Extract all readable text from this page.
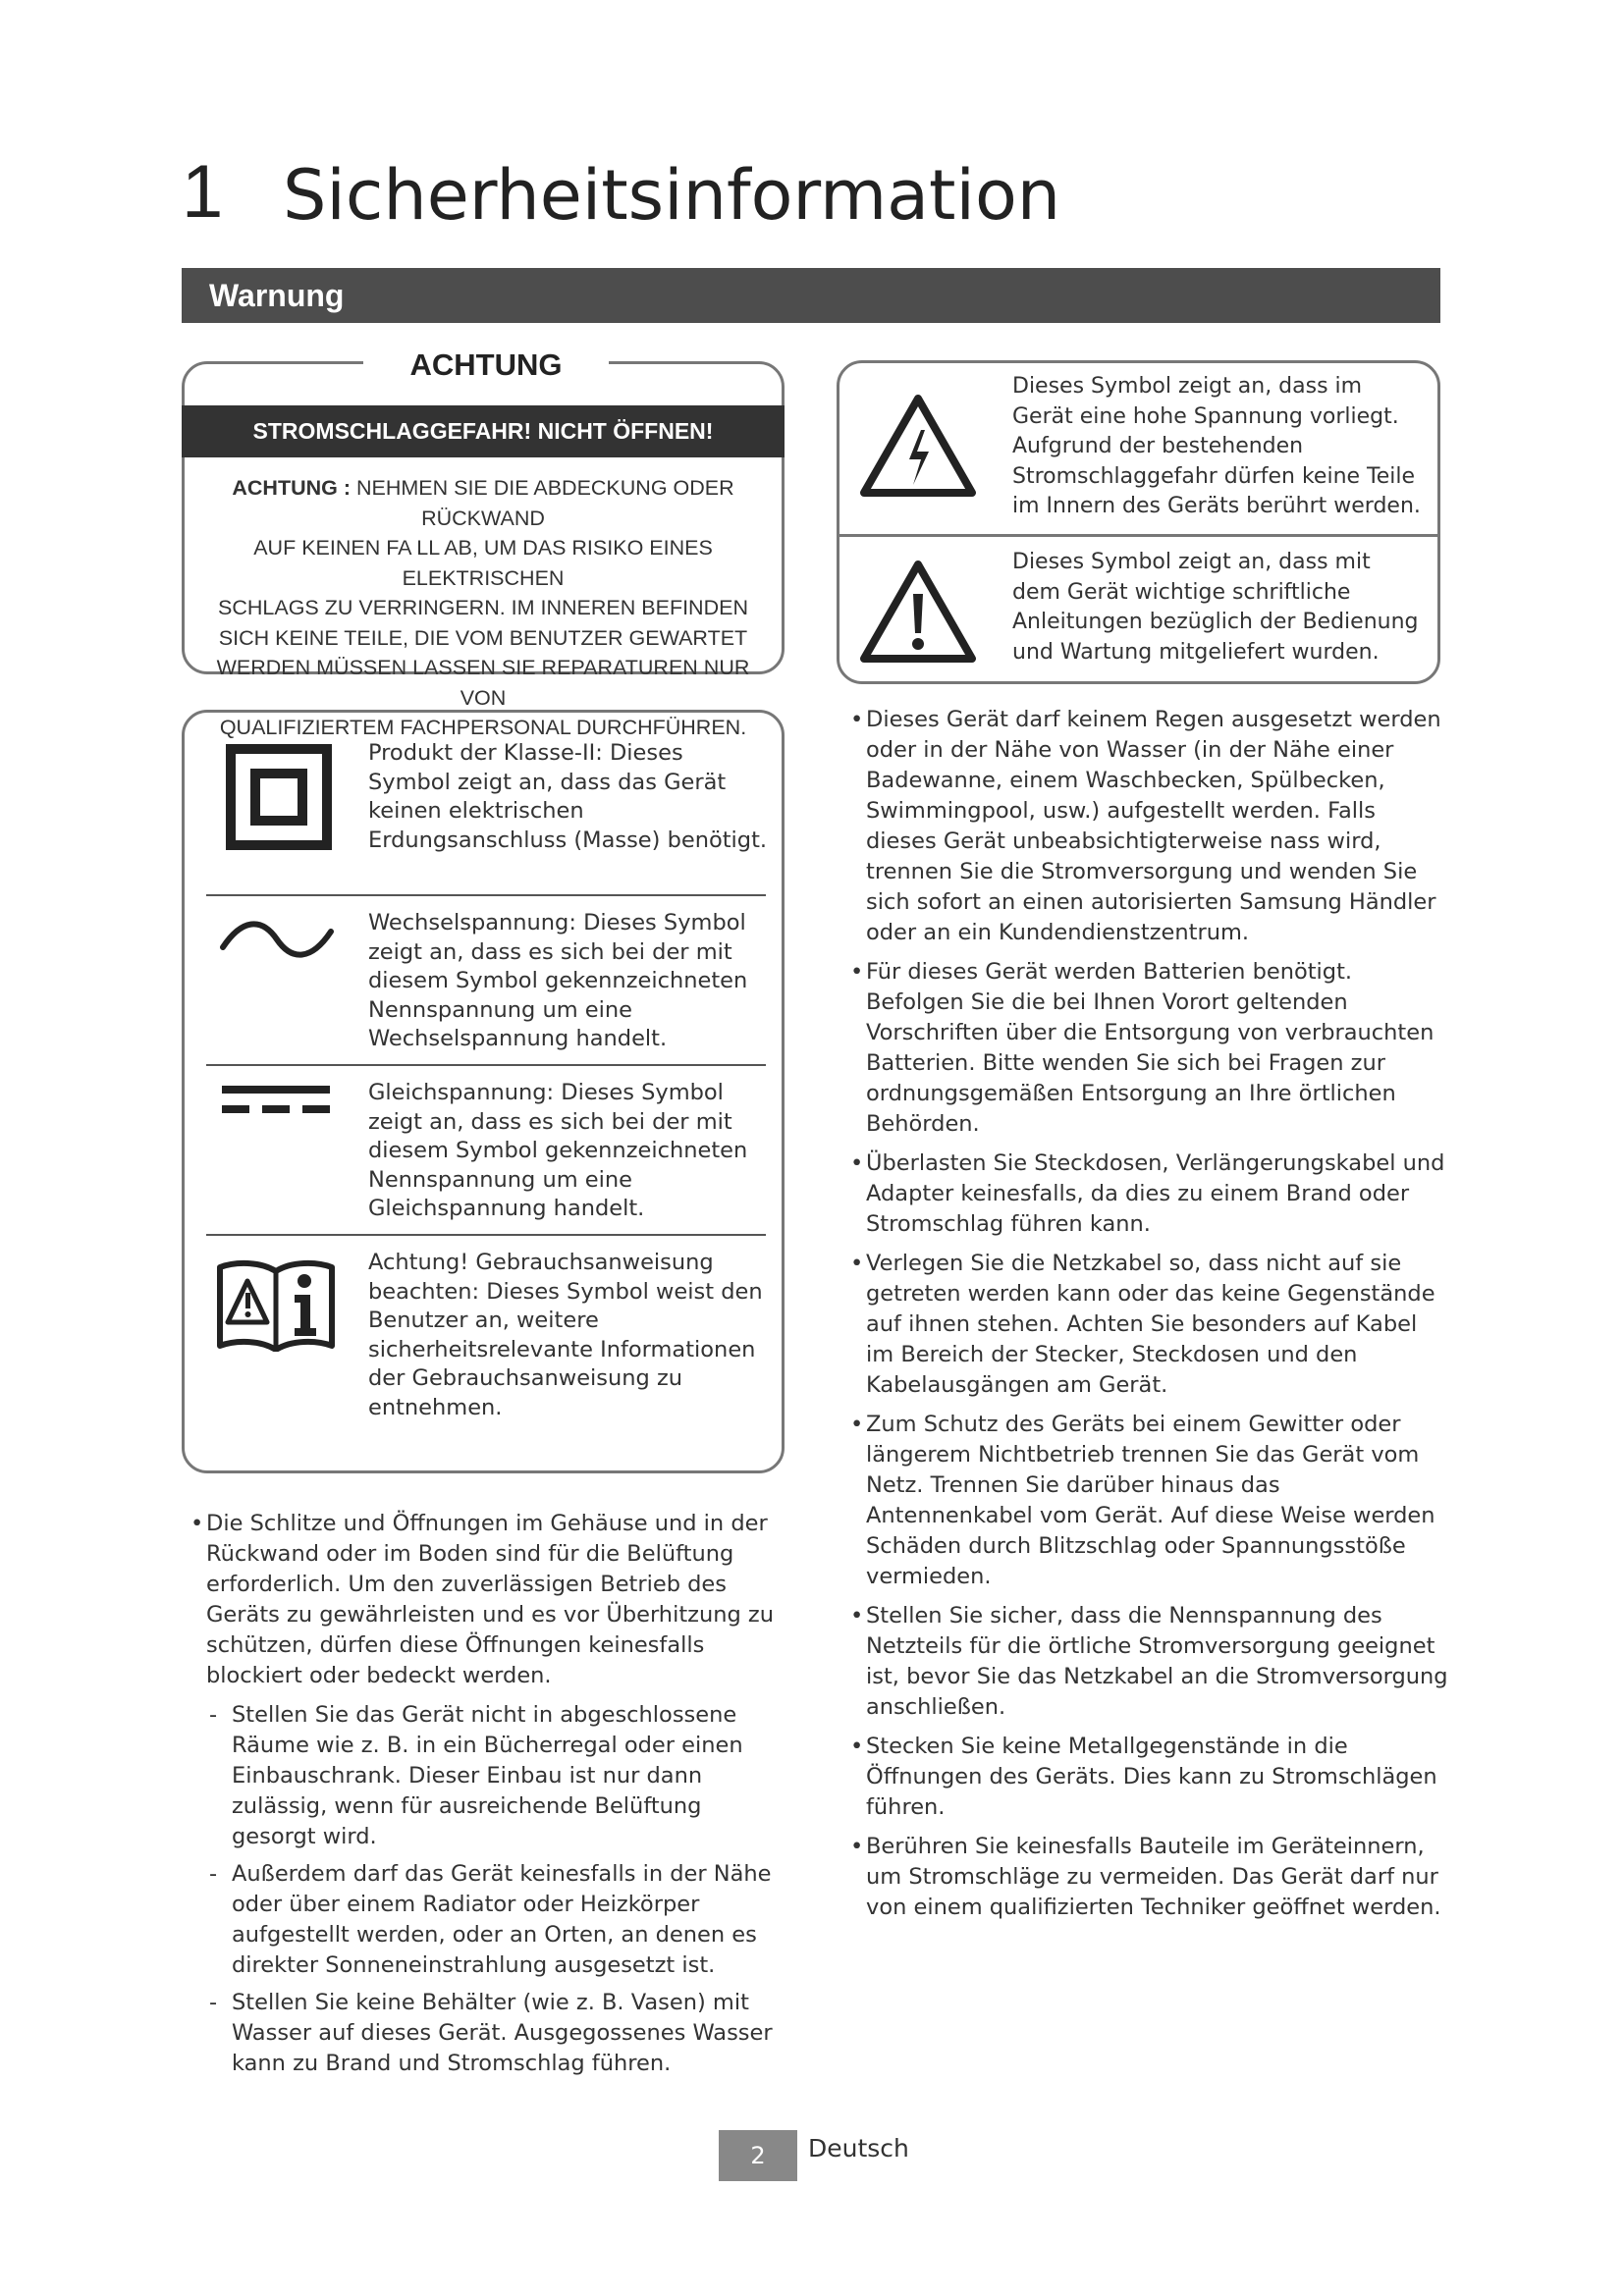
1 Sicherheitsinformation
Warnung
ACHTUNG
STROMSCHLAGGEFAHR! NICHT ÖFFNEN!
ACHTUNG : NEHMEN SIE DIE ABDECKUNG ODER RÜCKWAND
AUF KEINEN FA LL AB, UM DAS RISIKO EINES ELEKTRISCHEN
SCHLAGS ZU VERRINGERN. IM INNEREN BEFINDEN
SICH KEINE TEILE, DIE VOM BENUTZER GEWARTET
WERDEN MÜSSEN LASSEN SIE REPARATUREN NUR VON
QUALIFIZIERTEM FACHPERSONAL DURCHFÜHREN.
Dieses Symbol zeigt an, dass im Gerät eine hohe Spannung vorliegt. Aufgrund der bestehenden Stromschlaggefahr dürfen keine Teile im Innern des Geräts berührt werden.
Dieses Symbol zeigt an, dass mit dem Gerät wichtige schriftliche Anleitungen bezüglich der Bedienung und Wartung mitgeliefert wurden.
Produkt der Klasse-II: Dieses Symbol zeigt an, dass das Gerät keinen elektrischen Erdungsanschluss (Masse) benötigt.
Wechselspannung: Dieses Symbol zeigt an, dass es sich bei der mit diesem Symbol gekennzeichneten Nennspannung um eine Wechselspannung handelt.
Gleichspannung: Dieses Symbol zeigt an, dass es sich bei der mit diesem Symbol gekennzeichneten Nennspannung um eine Gleichspannung handelt.
Achtung! Gebrauchsanweisung beachten: Dieses Symbol weist den Benutzer an, weitere sicherheitsrelevante Informationen der Gebrauchsanweisung zu entnehmen.
• Die Schlitze und Öffnungen im Gehäuse und in der Rückwand oder im Boden sind für die Belüftung erforderlich. Um den zuverlässigen Betrieb des Geräts zu gewährleisten und es vor Überhitzung zu schützen, dürfen diese Öffnungen keinesfalls blockiert oder bedeckt werden.
- Stellen Sie das Gerät nicht in abgeschlossene Räume wie z. B. in ein Bücherregal oder einen Einbauschrank. Dieser Einbau ist nur dann zulässig, wenn für ausreichende Belüftung gesorgt wird.
- Außerdem darf das Gerät keinesfalls in der Nähe oder über einem Radiator oder Heizkörper aufgestellt werden, oder an Orten, an denen es direkter Sonneneinstrahlung ausgesetzt ist.
- Stellen Sie keine Behälter (wie z. B. Vasen) mit Wasser auf dieses Gerät. Ausgegossenes Wasser kann zu Brand und Stromschlag führen.
• Dieses Gerät darf keinem Regen ausgesetzt werden oder in der Nähe von Wasser (in der Nähe einer Badewanne, einem Waschbecken, Spülbecken, Swimmingpool, usw.) aufgestellt werden. Falls dieses Gerät unbeabsichtigterweise nass wird, trennen Sie die Stromversorgung und wenden Sie sich sofort an einen autorisierten Samsung Händler oder an ein Kundendienstzentrum.
• Für dieses Gerät werden Batterien benötigt. Befolgen Sie die bei Ihnen Vorort geltenden Vorschriften über die Entsorgung von verbrauchten Batterien. Bitte wenden Sie sich bei Fragen zur ordnungsgemäßen Entsorgung an Ihre örtlichen Behörden.
• Überlasten Sie Steckdosen, Verlängerungskabel und Adapter keinesfalls, da dies zu einem Brand oder Stromschlag führen kann.
• Verlegen Sie die Netzkabel so, dass nicht auf sie getreten werden kann oder das keine Gegenstände auf ihnen stehen. Achten Sie besonders auf Kabel im Bereich der Stecker, Steckdosen und den Kabelausgängen am Gerät.
• Zum Schutz des Geräts bei einem Gewitter oder längerem Nichtbetrieb trennen Sie das Gerät vom Netz. Trennen Sie darüber hinaus das Antennenkabel vom Gerät. Auf diese Weise werden Schäden durch Blitzschlag oder Spannungsstöße vermieden.
• Stellen Sie sicher, dass die Nennspannung des Netzteils für die örtliche Stromversorgung geeignet ist, bevor Sie das Netzkabel an die Stromversorgung anschließen.
• Stecken Sie keine Metallgegenstände in die Öffnungen des Geräts. Dies kann zu Stromschlägen führen.
• Berühren Sie keinesfalls Bauteile im Geräteinnern, um Stromschläge zu vermeiden. Das Gerät darf nur von einem qualifizierten Techniker geöffnet werden.
2	Deutsch
